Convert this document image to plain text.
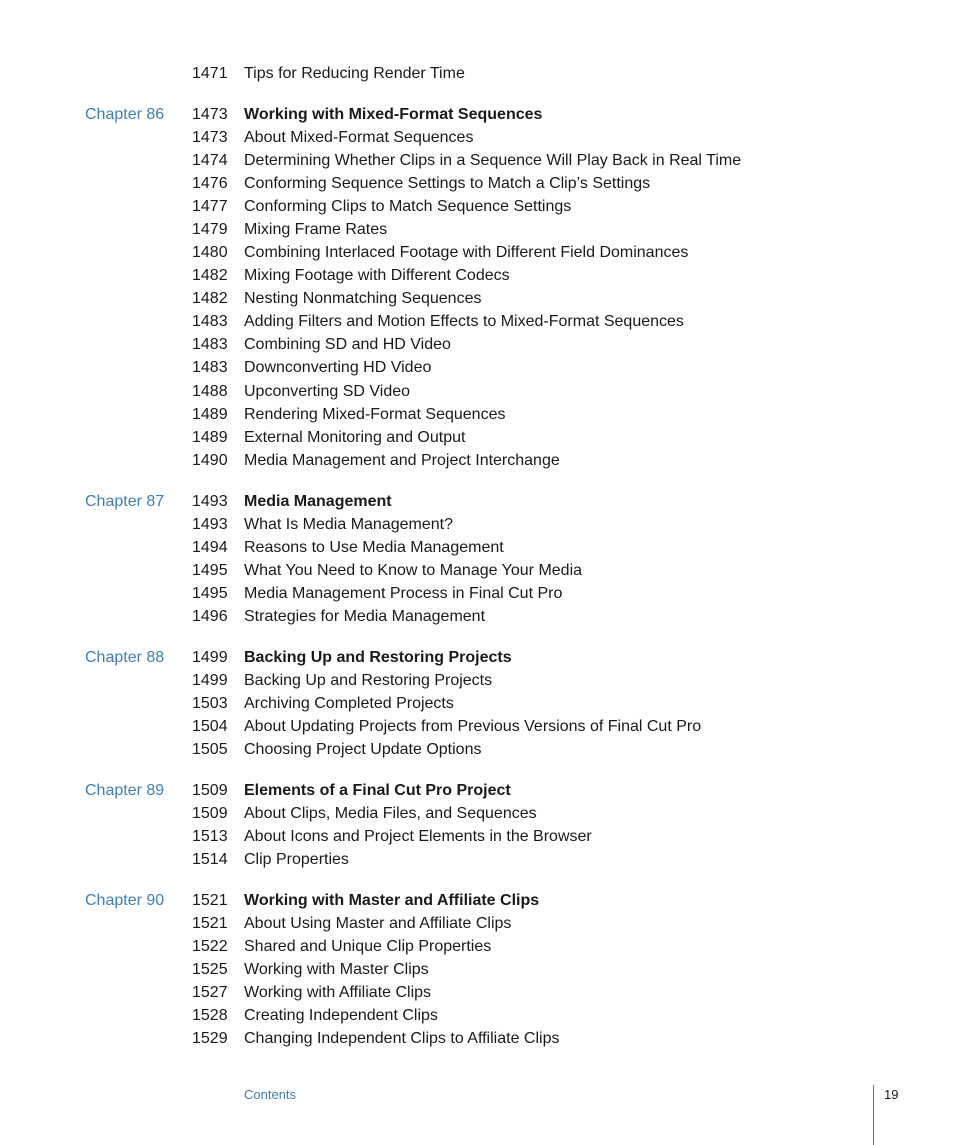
1471 Tips for Reducing Render Time
Chapter 86 1473 Working with Mixed-Format Sequences
1473 About Mixed-Format Sequences
1474 Determining Whether Clips in a Sequence Will Play Back in Real Time
1476 Conforming Sequence Settings to Match a Clip’s Settings
1477 Conforming Clips to Match Sequence Settings
1479 Mixing Frame Rates
1480 Combining Interlaced Footage with Different Field Dominances
1482 Mixing Footage with Different Codecs
1482 Nesting Nonmatching Sequences
1483 Adding Filters and Motion Effects to Mixed-Format Sequences
1483 Combining SD and HD Video
1483 Downconverting HD Video
1488 Upconverting SD Video
1489 Rendering Mixed-Format Sequences
1489 External Monitoring and Output
1490 Media Management and Project Interchange
Chapter 87 1493 Media Management
1493 What Is Media Management?
1494 Reasons to Use Media Management
1495 What You Need to Know to Manage Your Media
1495 Media Management Process in Final Cut Pro
1496 Strategies for Media Management
Chapter 88 1499 Backing Up and Restoring Projects
1499 Backing Up and Restoring Projects
1503 Archiving Completed Projects
1504 About Updating Projects from Previous Versions of Final Cut Pro
1505 Choosing Project Update Options
Chapter 89 1509 Elements of a Final Cut Pro Project
1509 About Clips, Media Files, and Sequences
1513 About Icons and Project Elements in the Browser
1514 Clip Properties
Chapter 90 1521 Working with Master and Affiliate Clips
1521 About Using Master and Affiliate Clips
1522 Shared and Unique Clip Properties
1525 Working with Master Clips
1527 Working with Affiliate Clips
1528 Creating Independent Clips
1529 Changing Independent Clips to Affiliate Clips
Contents	19
